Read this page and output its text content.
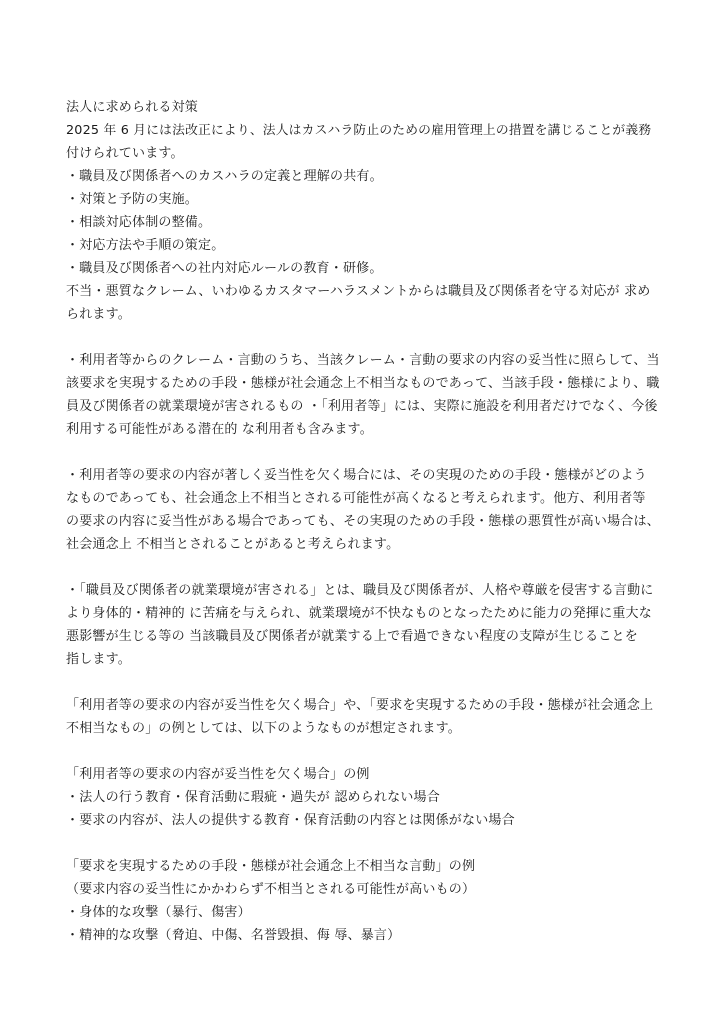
法人に求められる対策
2025 年 6 月には法改正により、法人はカスハラ防止のための雇用管理上の措置を講じることが義務
付けられています。
・職員及び関係者へのカスハラの定義と理解の共有。
・対策と予防の実施。
・相談対応体制の整備。
・対応方法や手順の策定。
・職員及び関係者への社内対応ルールの教育・研修。
不当・悪質なクレーム、いわゆるカスタマーハラスメントからは職員及び関係者を守る対応が 求め
られます。
・利用者等からのクレーム・言動のうち、当該クレーム・言動の要求の内容の妥当性に照らして、当
該要求を実現するための手段・態様が社会通念上不相当なものであって、当該手段・態様により、職
員及び関係者の就業環境が害されるもの ・「利用者等」には、実際に施設を利用者だけでなく、今後
利用する可能性がある潜在的 な利用者も含みます。
・利用者等の要求の内容が著しく妥当性を欠く場合には、その実現のための手段・態様がどのよう
なものであっても、社会通念上不相当とされる可能性が高くなると考えられます。他方、利用者等
の要求の内容に妥当性がある場合であっても、その実現のための手段・態様の悪質性が高い場合は、
社会通念上 不相当とされることがあると考えられます。
・「職員及び関係者の就業環境が害される」とは、職員及び関係者が、人格や尊厳を侵害する言動に
より身体的・精神的 に苦痛を与えられ、就業環境が不快なものとなったために能力の発揮に重大な
悪影響が生じる等の 当該職員及び関係者が就業する上で看過できない程度の支障が生じることを
指します。
「利用者等の要求の内容が妥当性を欠く場合」や、「要求を実現するための手段・態様が社会通念上
不相当なもの」の例としては、以下のようなものが想定されます。
「利用者等の要求の内容が妥当性を欠く場合」の例
・法人の行う教育・保育活動に瑕疵・過失が 認められない場合
・要求の内容が、法人の提供する教育・保育活動の内容とは関係がない場合
「要求を実現するための手段・態様が社会通念上不相当な言動」の例
（要求内容の妥当性にかかわらず不相当とされる可能性が高いもの）
・身体的な攻撃（暴行、傷害）
・精神的な攻撃（脅迫、中傷、名誉毀損、侮 辱、暴言）
